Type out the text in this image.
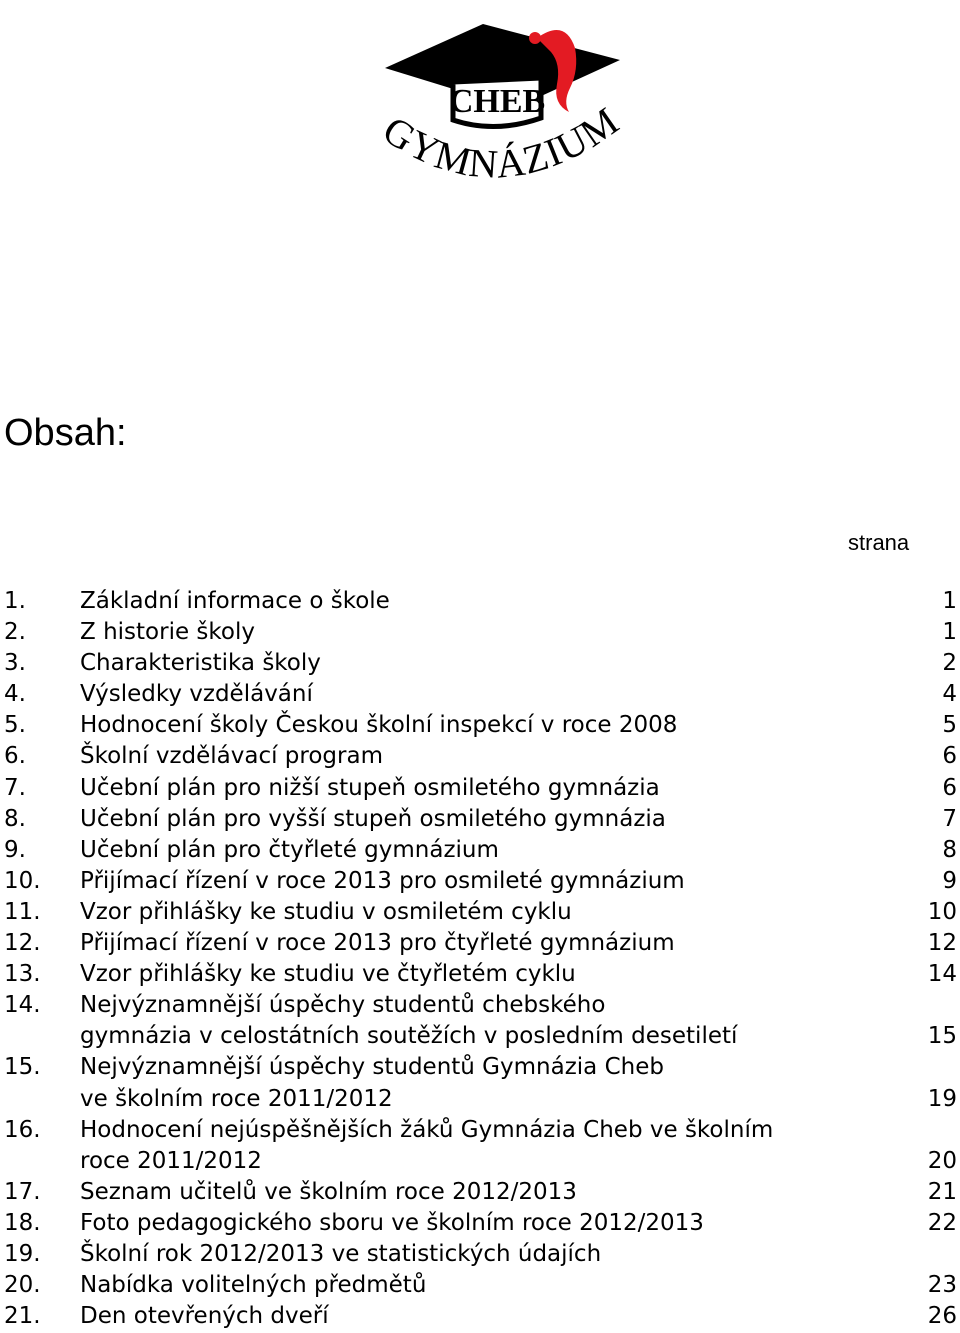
CHEB
GYMNÁZIUM
Obsah:
strana
1. Základní informace o škole	1
2. Z historie školy	1
3. Charakteristika školy	2
4. Výsledky vzdělávání	4
5. Hodnocení školy Českou školní inspekcí v roce 2008	5
6. Školní vzdělávací program	6
7. Učební plán pro nižší stupeň osmiletého gymnázia	6
8. Učební plán pro vyšší stupeň osmiletého gymnázia	7
9. Učební plán pro čtyřleté gymnázium	8
10. Přijímací řízení v roce 2013 pro osmileté gymnázium	9
11. Vzor přihlášky ke studiu v osmiletém cyklu	10
12. Přijímací řízení v roce 2013 pro čtyřleté gymnázium	12
13. Vzor přihlášky ke studiu ve čtyřletém cyklu	14
14. Nejvýznamnější úspěchy studentů chebského
gymnázia v celostátních soutěžích v posledním desetiletí	15
15. Nejvýznamnější úspěchy studentů Gymnázia Cheb
ve školním roce 2011/2012	19
16. Hodnocení nejúspěšnějších žáků Gymnázia Cheb ve školním
roce 2011/2012	20
17. Seznam učitelů ve školním roce 2012/2013	21
18. Foto pedagogického sboru ve školním roce 2012/2013	22
19. Školní rok 2012/2013 ve statistických údajích
20. Nabídka volitelných předmětů	23
21. Den otevřených dveří	26
